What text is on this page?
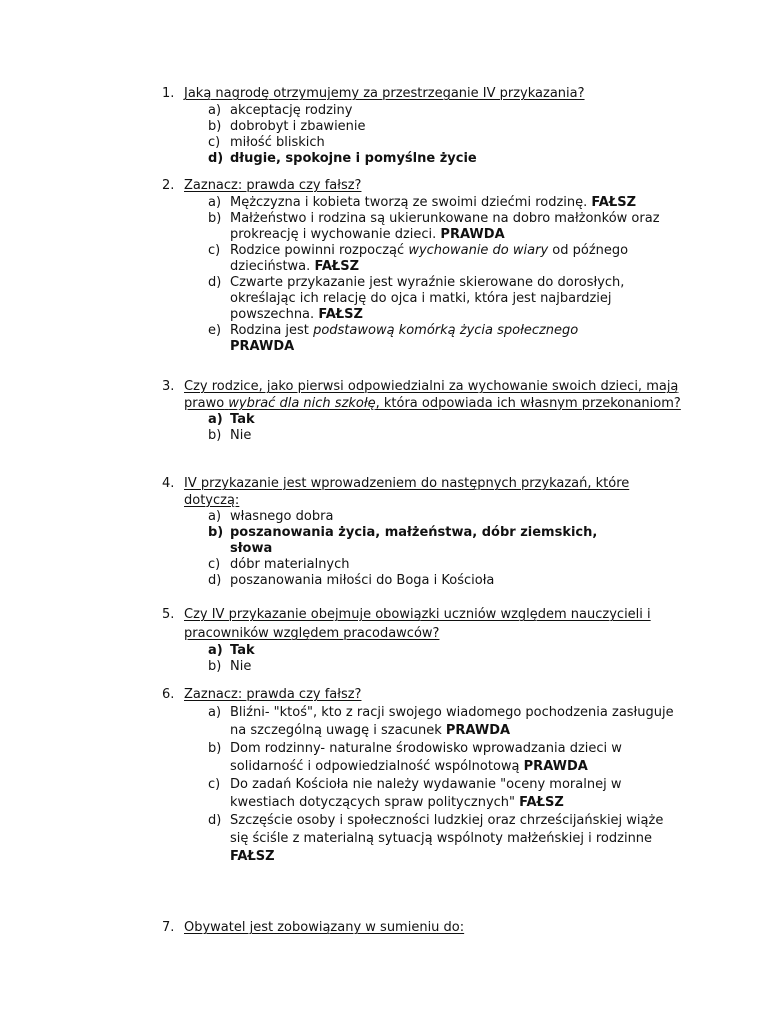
1. Jaką nagrodę otrzymujemy za przestrzeganie IV przykazania?
a) akceptację rodziny
b) dobrobyt i zbawienie
c) miłość bliskich
d) długie, spokojne i pomyślne życie
2. Zaznacz: prawda czy fałsz?
a) Mężczyzna i kobieta tworzą ze swoimi dziećmi rodzinę. FAŁSZ
b) Małżeństwo i rodzina są ukierunkowane na dobro małżonków oraz prokreację i wychowanie dzieci. PRAWDA
c) Rodzice powinni rozpocząć wychowanie do wiary od późnego dzieciństwa. FAŁSZ
d) Czwarte przykazanie jest wyraźnie skierowane do dorosłych, określając ich relację do ojca i matki, która jest najbardziej powszechna. FAŁSZ
e) Rodzina jest podstawową komórką życia społecznego
PRAWDA
3. Czy rodzice, jako pierwsi odpowiedzialni za wychowanie swoich dzieci, mają prawo wybrać dla nich szkołę, która odpowiada ich własnym przekonaniom?
a) Tak
b) Nie
4. IV przykazanie jest wprowadzeniem do następnych przykazań, które dotyczą:
a) własnego dobra
b) poszanowania życia, małżeństwa, dóbr ziemskich, słowa
c) dóbr materialnych
d) poszanowania miłości do Boga i Kościoła
5. Czy IV przykazanie obejmuje obowiązki uczniów względem nauczycieli i pracowników względem pracodawców?
a) Tak
b) Nie
6. Zaznacz: prawda czy fałsz?
a) Bliźni- "ktoś", kto z racji swojego wiadomego pochodzenia zasługuje na szczególną uwagę i szacunek PRAWDA
b) Dom rodzinny- naturalne środowisko wprowadzania dzieci w solidarność i odpowiedzialność wspólnotową PRAWDA
c) Do zadań Kościoła nie należy wydawanie "oceny moralnej w kwestiach dotyczących spraw politycznych" FAŁSZ
d) Szczęście osoby i społeczności ludzkiej oraz chrześcijańskiej wiąże się ściśle z materialną sytuacją wspólnoty małżeńskiej i rodzinne FAŁSZ
7. Obywatel jest zobowiązany w sumieniu do:
